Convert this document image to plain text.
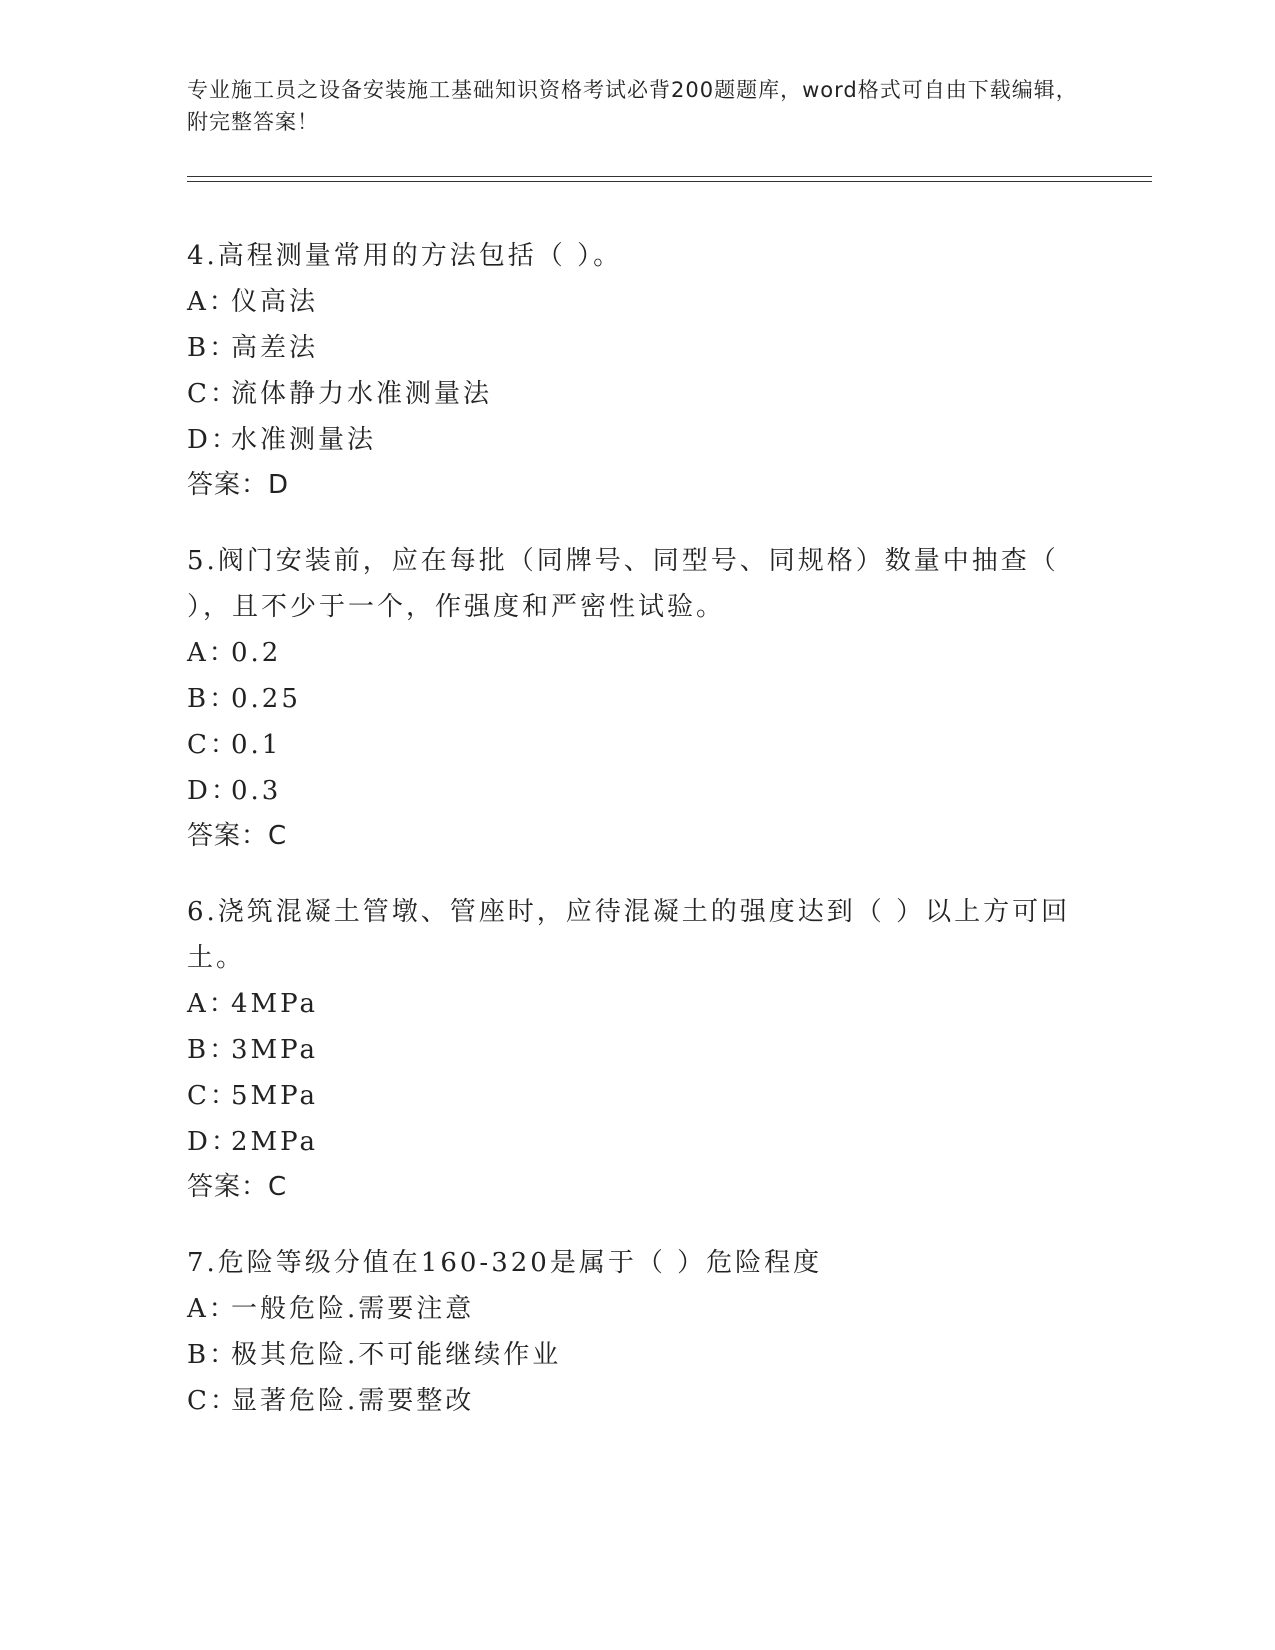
专业施工员之设备安装施工基础知识资格考试必背200题题库，word格式可自由下载编辑，附完整答案！

4.高程测量常用的方法包括（ ）。

A：仪高法

B：高差法

C：流体静力水准测量法

D：水准测量法

答案：D

5.阀门安装前，应在每批（同牌号、同型号、同规格）数量中抽查（ ），且不少于一个，作强度和严密性试验。

A：0.2

B：0.25

C：0.1

D：0.3

答案：C

6.浇筑混凝土管墩、管座时，应待混凝土的强度达到（ ）以上方可回土。

A：4MPa

B：3MPa

C：5MPa

D：2MPa

答案：C

7.危险等级分值在160-320是属于（ ）危险程度

A：一般危险.需要注意

B：极其危险.不可能继续作业

C：显著危险.需要整改
